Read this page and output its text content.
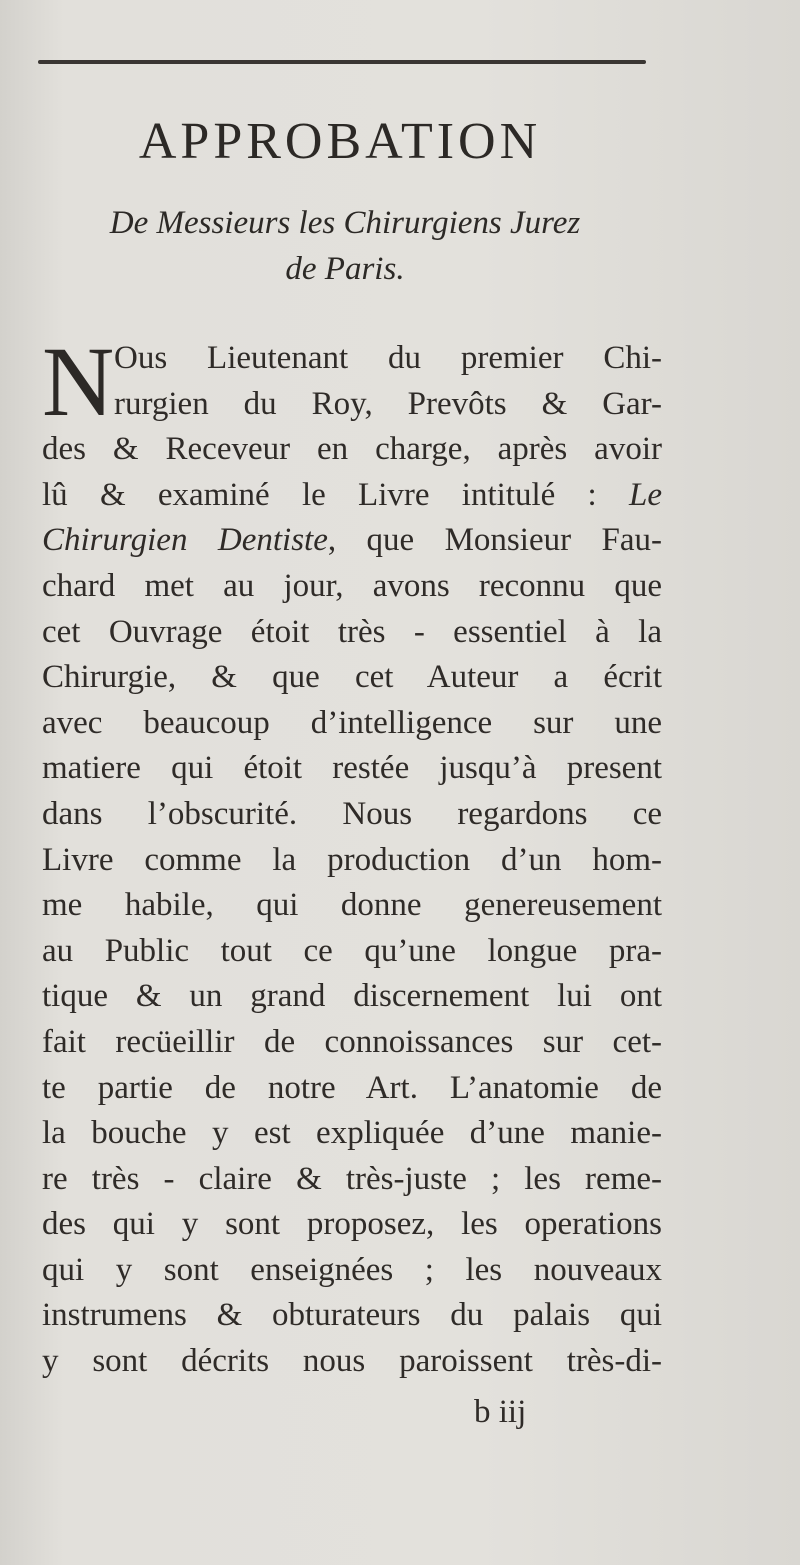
APPROBATION
De Messieurs les Chirurgiens Jurez
de Paris.
N Ous Lieutenant du premier Chi-
rurgien du Roy, Prevôts & Gar-
des & Receveur en charge, après avoir
lû & examiné le Livre intitulé : Le
Chirurgien Dentiste, que Monsieur Fau-
chard met au jour, avons reconnu que
cet Ouvrage étoit très - essentiel à la
Chirurgie, & que cet Auteur a écrit
avec beaucoup d’intelligence sur une
matiere qui étoit restée jusqu’à present
dans l’obscurité. Nous regardons ce
Livre comme la production d’un hom-
me habile, qui donne genereusement
au Public tout ce qu’une longue pra-
tique & un grand discernement lui ont
fait recüeillir de connoissances sur cet-
te partie de notre Art. L’anatomie de
la bouche y est expliquée d’une manie-
re très - claire & très-juste ; les reme-
des qui y sont proposez, les operations
qui y sont enseignées ; les nouveaux
instrumens & obturateurs du palais qui
y sont décrits nous paroissent très-di-
b iij
